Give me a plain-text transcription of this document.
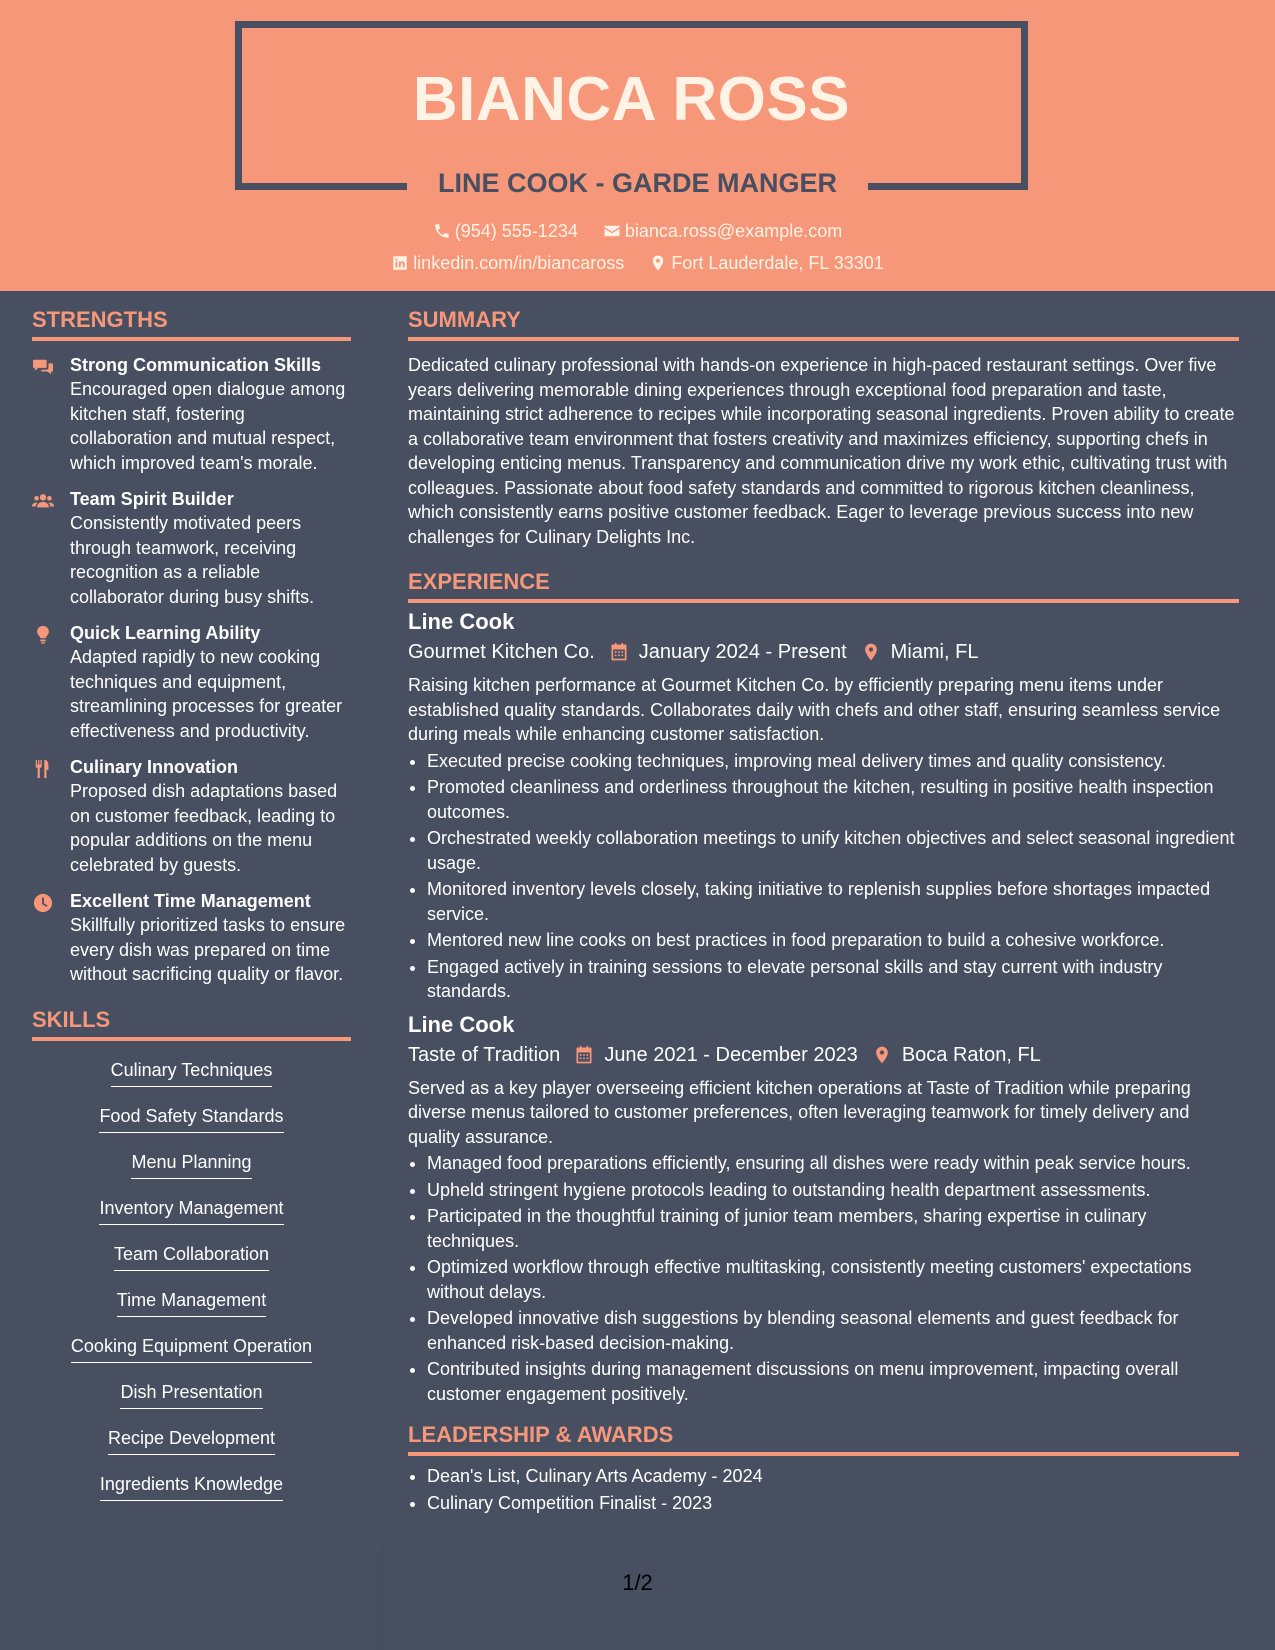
BIANCA ROSS
LINE COOK - GARDE MANGER
(954) 555-1234
	bianca.ross@example.com
linkedin.com/in/biancaross
	Fort Lauderdale, FL 33301
STRENGTHS
Strong Communication Skills
Encouraged open dialogue among kitchen staff, fostering collaboration and mutual respect, which improved team's morale.
Team Spirit Builder
Consistently motivated peers through teamwork, receiving recognition as a reliable collaborator during busy shifts.
Quick Learning Ability
Adapted rapidly to new cooking techniques and equipment, streamlining processes for greater effectiveness and productivity.
Culinary Innovation
Proposed dish adaptations based on customer feedback, leading to popular additions on the menu celebrated by guests.
Excellent Time Management
Skillfully prioritized tasks to ensure every dish was prepared on time without sacrificing quality or flavor.
SKILLS
Culinary Techniques
Food Safety Standards
Menu Planning
Inventory Management
Team Collaboration
Time Management
Cooking Equipment Operation
Dish Presentation
Recipe Development
Ingredients Knowledge
SUMMARY

Dedicated culinary professional with hands-on experience in high-paced restaurant settings. Over five years delivering memorable dining experiences through exceptional food preparation and taste, maintaining strict adherence to recipes while incorporating seasonal ingredients. Proven ability to create a collaborative team environment that fosters creativity and maximizes efficiency, supporting chefs in developing enticing menus. Transparency and communication drive my work ethic, cultivating trust with colleagues. Passionate about food safety standards and committed to rigorous kitchen cleanliness, which consistently earns positive customer feedback. Eager to leverage previous success into new challenges for Culinary Delights Inc.

EXPERIENCE
Line Cook
Gourmet Kitchen Co. January 2024 - Present Miami, FL

Raising kitchen performance at Gourmet Kitchen Co. by efficiently preparing menu items under established quality standards. Collaborates daily with chefs and other staff, ensuring seamless service during meals while enhancing customer satisfaction.

• Executed precise cooking techniques, improving meal delivery times and quality consistency.
• Promoted cleanliness and orderliness throughout the kitchen, resulting in positive health inspection outcomes.
• Orchestrated weekly collaboration meetings to unify kitchen objectives and select seasonal ingredient usage.
• Monitored inventory levels closely, taking initiative to replenish supplies before shortages impacted service.
• Mentored new line cooks on best practices in food preparation to build a cohesive workforce.
• Engaged actively in training sessions to elevate personal skills and stay current with industry standards.
Line Cook
Taste of Tradition June 2021 - December 2023 Boca Raton, FL

Served as a key player overseeing efficient kitchen operations at Taste of Tradition while preparing diverse menus tailored to customer preferences, often leveraging teamwork for timely delivery and quality assurance.

• Managed food preparations efficiently, ensuring all dishes were ready within peak service hours.
• Upheld stringent hygiene protocols leading to outstanding health department assessments.
• Participated in the thoughtful training of junior team members, sharing expertise in culinary techniques.
• Optimized workflow through effective multitasking, consistently meeting customers' expectations without delays.
• Developed innovative dish suggestions by blending seasonal elements and guest feedback for enhanced risk-based decision-making.
• Contributed insights during management discussions on menu improvement, impacting overall customer engagement positively.
LEADERSHIP & AWARDS
• Dean's List, Culinary Arts Academy - 2024
• Culinary Competition Finalist - 2023
1/2
